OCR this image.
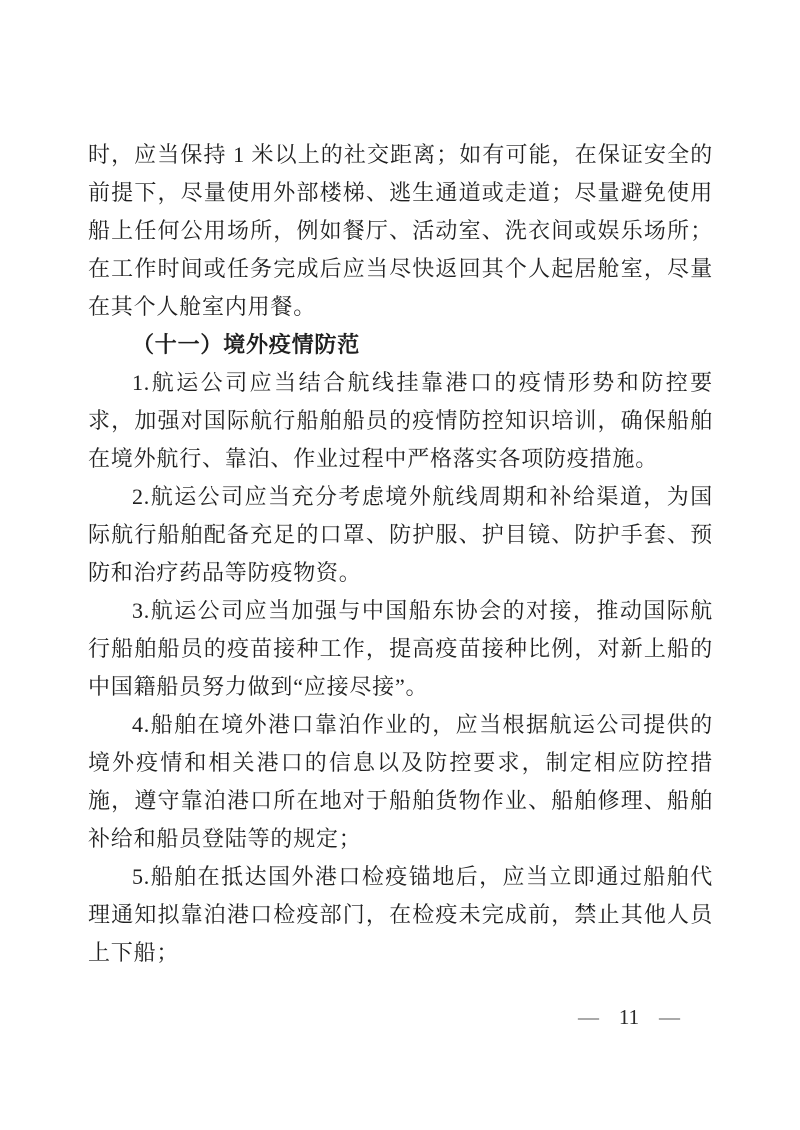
时，应当保持 1 米以上的社交距离；如有可能，在保证安全的前提下，尽量使用外部楼梯、逃生通道或走道；尽量避免使用船上任何公用场所，例如餐厅、活动室、洗衣间或娱乐场所；在工作时间或任务完成后应当尽快返回其个人起居舱室，尽量在其个人舱室内用餐。

（十一）境外疫情防范

1.航运公司应当结合航线挂靠港口的疫情形势和防控要求，加强对国际航行船舶船员的疫情防控知识培训，确保船舶在境外航行、靠泊、作业过程中严格落实各项防疫措施。

2.航运公司应当充分考虑境外航线周期和补给渠道，为国际航行船舶配备充足的口罩、防护服、护目镜、防护手套、预防和治疗药品等防疫物资。

3.航运公司应当加强与中国船东协会的对接，推动国际航行船舶船员的疫苗接种工作，提高疫苗接种比例，对新上船的中国籍船员努力做到“应接尽接”。

4.船舶在境外港口靠泊作业的，应当根据航运公司提供的境外疫情和相关港口的信息以及防控要求，制定相应防控措施，遵守靠泊港口所在地对于船舶货物作业、船舶修理、船舶补给和船员登陆等的规定；

5.船舶在抵达国外港口检疫锚地后，应当立即通过船舶代理通知拟靠泊港口检疫部门，在检疫未完成前，禁止其他人员上下船；

— 11 —
